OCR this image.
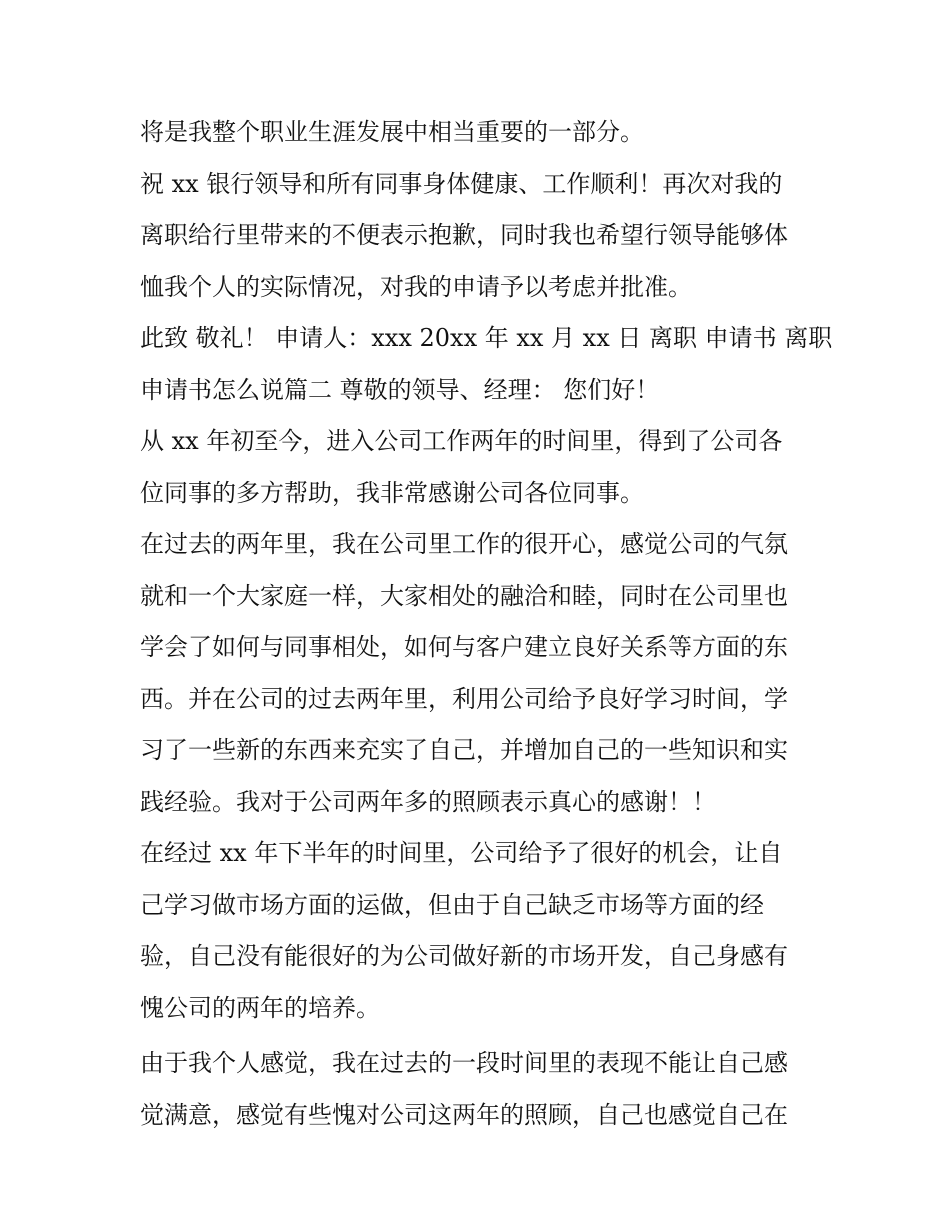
将是我整个职业生涯发展中相当重要的一部分。

祝 xx 银行领导和所有同事身体健康、工作顺利！再次对我的
离职给行里带来的不便表示抱歉，同时我也希望行领导能够体
恤我个人的实际情况，对我的申请予以考虑并批准。

此致 敬礼！ 申请人：xxx 20xx 年 xx 月 xx 日 离职 申请书 离职
申请书怎么说篇二 尊敬的领导、经理： 您们好！

从 xx 年初至今，进入公司工作两年的时间里，得到了公司各
位同事的多方帮助，我非常感谢公司各位同事。

在过去的两年里，我在公司里工作的很开心，感觉公司的气氛
就和一个大家庭一样，大家相处的融洽和睦，同时在公司里也
学会了如何与同事相处，如何与客户建立良好关系等方面的东
西。并在公司的过去两年里，利用公司给予良好学习时间，学
习了一些新的东西来充实了自己，并增加自己的一些知识和实
践经验。我对于公司两年多的照顾表示真心的感谢！！

在经过 xx 年下半年的时间里，公司给予了很好的机会，让自
己学习做市场方面的运做，但由于自己缺乏市场等方面的经
验，自己没有能很好的为公司做好新的市场开发，自己身感有
愧公司的两年的培养。

由于我个人感觉，我在过去的一段时间里的表现不能让自己感
觉满意，感觉有些愧对公司这两年的照顾，自己也感觉自己在
